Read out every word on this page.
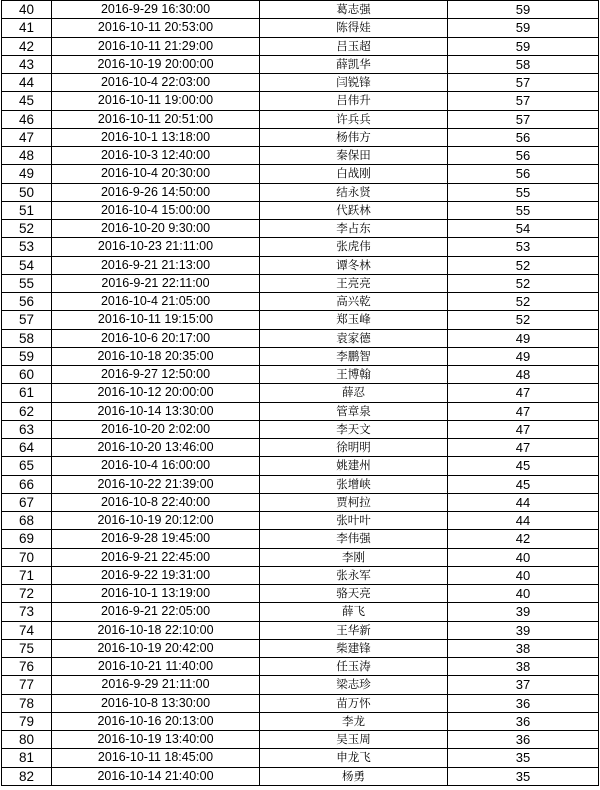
40	2016-9-29 16:30:00	葛志强	59
41	2016-10-11 20:53:00	陈得娃	59
42	2016-10-11 21:29:00	吕玉超	59
43	2016-10-19 20:00:00	薛凯华	58
44	2016-10-4 22:03:00	闫锐锋	57
45	2016-10-11 19:00:00	吕伟升	57
46	2016-10-11 20:51:00	许兵兵	57
47	2016-10-1 13:18:00	杨伟方	56
48	2016-10-3 12:40:00	秦保田	56
49	2016-10-4 20:30:00	白战刚	56
50	2016-9-26 14:50:00	结永贤	55
51	2016-10-4 15:00:00	代跃林	55
52	2016-10-20 9:30:00	李占东	54
53	2016-10-23 21:11:00	张虎伟	53
54	2016-9-21 21:13:00	谭冬林	52
55	2016-9-21 22:11:00	王亮亮	52
56	2016-10-4 21:05:00	高兴乾	52
57	2016-10-11 19:15:00	郑玉峰	52
58	2016-10-6 20:17:00	袁家德	49
59	2016-10-18 20:35:00	李鹏智	49
60	2016-9-27 12:50:00	王博翰	48
61	2016-10-12 20:00:00	薛忍	47
62	2016-10-14 13:30:00	管章泉	47
63	2016-10-20 2:02:00	李天文	47
64	2016-10-20 13:46:00	徐明明	47
65	2016-10-4 16:00:00	姚建州	45
66	2016-10-22 21:39:00	张增峡	45
67	2016-10-8 22:40:00	贾柯拉	44
68	2016-10-19 20:12:00	张叶叶	44
69	2016-9-28 19:45:00	李伟强	42
70	2016-9-21 22:45:00	李刚	40
71	2016-9-22 19:31:00	张永军	40
72	2016-10-1 13:19:00	骆天亮	40
73	2016-9-21 22:05:00	薛飞	39
74	2016-10-18 22:10:00	王华新	39
75	2016-10-19 20:42:00	柴建锋	38
76	2016-10-21 11:40:00	任玉涛	38
77	2016-9-29 21:11:00	梁志珍	37
78	2016-10-8 13:30:00	苗万怀	36
79	2016-10-16 20:13:00	李龙	36
80	2016-10-19 13:40:00	吴玉周	36
81	2016-10-11 18:45:00	申龙飞	35
82	2016-10-14 21:40:00	杨勇	35
